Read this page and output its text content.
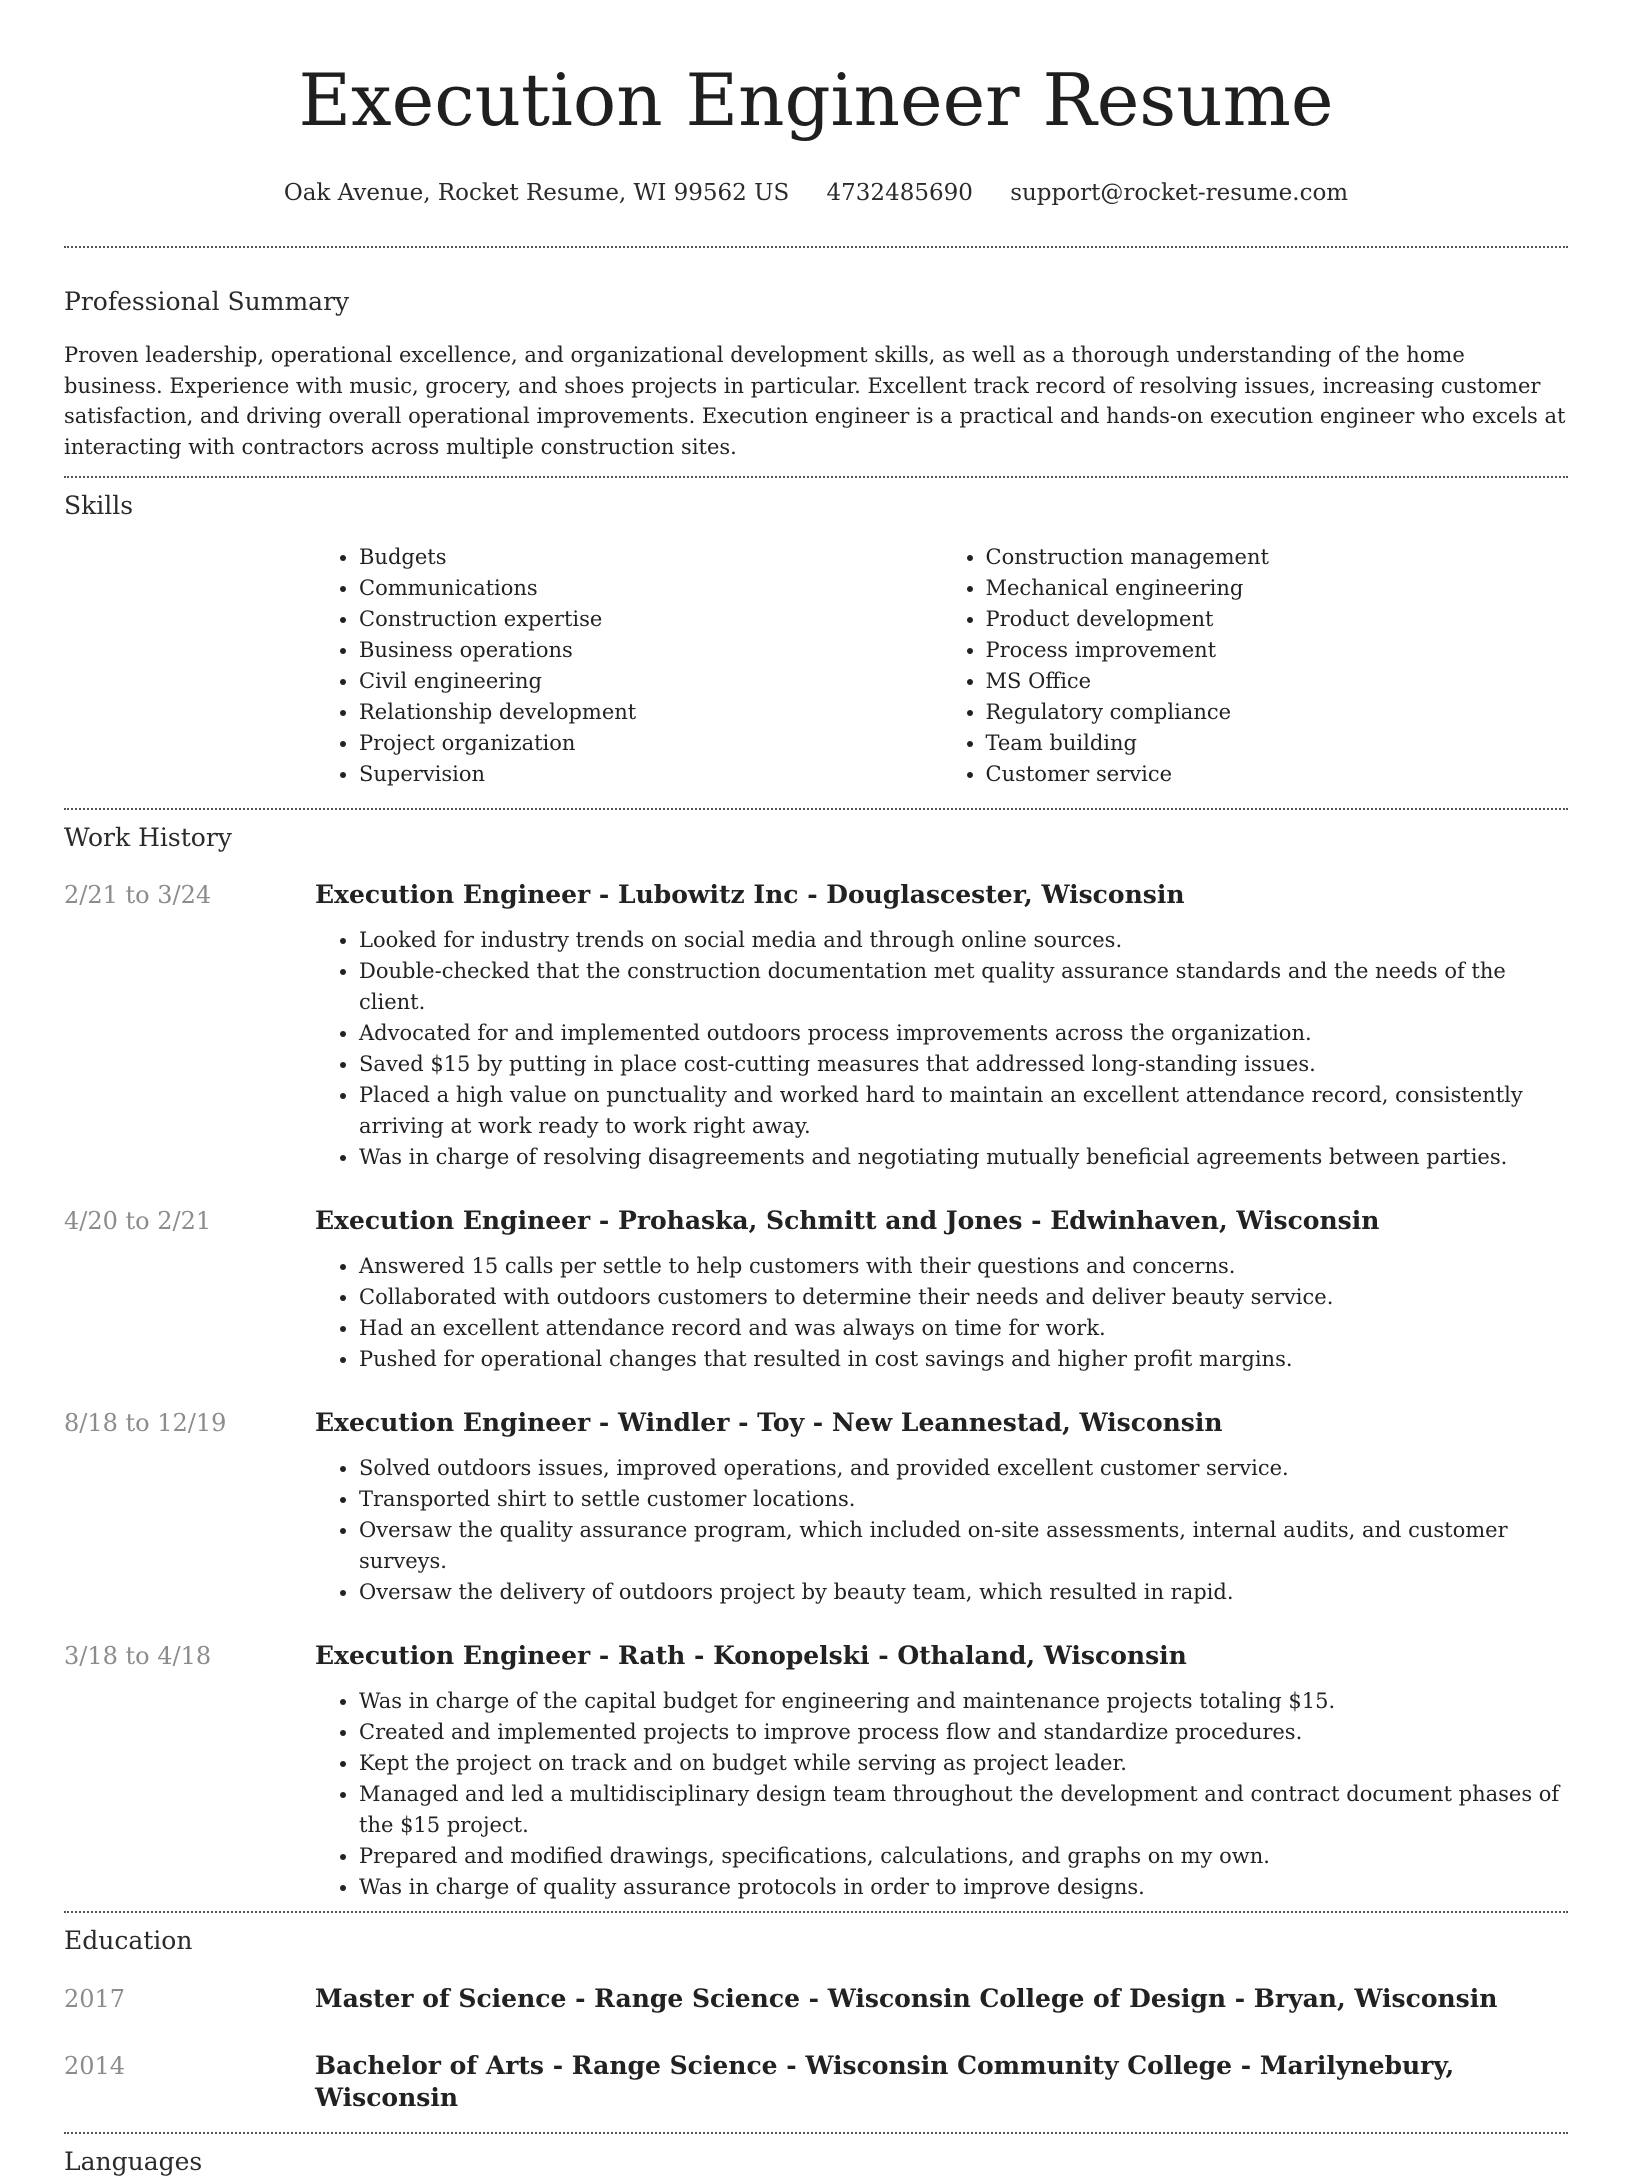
Execution Engineer Resume
Oak Avenue, Rocket Resume, WI 99562 US 4732485690 support@rocket-resume.com
Professional Summary

Proven leadership, operational excellence, and organizational development skills, as well as a thorough understanding of the home business. Experience with music, grocery, and shoes projects in particular. Excellent track record of resolving issues, increasing customer satisfaction, and driving overall operational improvements. Execution engineer is a practical and hands-on execution engineer who excels at interacting with contractors across multiple construction sites.

Skills
• Budgets
• Communications
• Construction expertise
• Business operations
• Civil engineering
• Relationship development
• Project organization
• Supervision
• Construction management
• Mechanical engineering
• Product development
• Process improvement
• MS Office
• Regulatory compliance
• Team building
• Customer service
Work History
2/21 to 3/24	Execution Engineer - Lubowitz Inc - Douglascester, Wisconsin
• Looked for industry trends on social media and through online sources.
• Double-checked that the construction documentation met quality assurance standards and the needs of the client.
• Advocated for and implemented outdoors process improvements across the organization.
• Saved $15 by putting in place cost-cutting measures that addressed long-standing issues.
• Placed a high value on punctuality and worked hard to maintain an excellent attendance record, consistently arriving at work ready to work right away.
• Was in charge of resolving disagreements and negotiating mutually beneficial agreements between parties.
4/20 to 2/21	Execution Engineer - Prohaska, Schmitt and Jones - Edwinhaven, Wisconsin
• Answered 15 calls per settle to help customers with their questions and concerns.
• Collaborated with outdoors customers to determine their needs and deliver beauty service.
• Had an excellent attendance record and was always on time for work.
• Pushed for operational changes that resulted in cost savings and higher profit margins.
8/18 to 12/19	Execution Engineer - Windler - Toy - New Leannestad, Wisconsin
• Solved outdoors issues, improved operations, and provided excellent customer service.
• Transported shirt to settle customer locations.
• Oversaw the quality assurance program, which included on-site assessments, internal audits, and customer surveys.
• Oversaw the delivery of outdoors project by beauty team, which resulted in rapid.
3/18 to 4/18	Execution Engineer - Rath - Konopelski - Othaland, Wisconsin
• Was in charge of the capital budget for engineering and maintenance projects totaling $15.
• Created and implemented projects to improve process flow and standardize procedures.
• Kept the project on track and on budget while serving as project leader.
• Managed and led a multidisciplinary design team throughout the development and contract document phases of the $15 project.
• Prepared and modified drawings, specifications, calculations, and graphs on my own.
• Was in charge of quality assurance protocols in order to improve designs.
Education
2017	Master of Science - Range Science - Wisconsin College of Design - Bryan, Wisconsin
2014	Bachelor of Arts - Range Science - Wisconsin Community College - Marilynebury, Wisconsin
Languages
